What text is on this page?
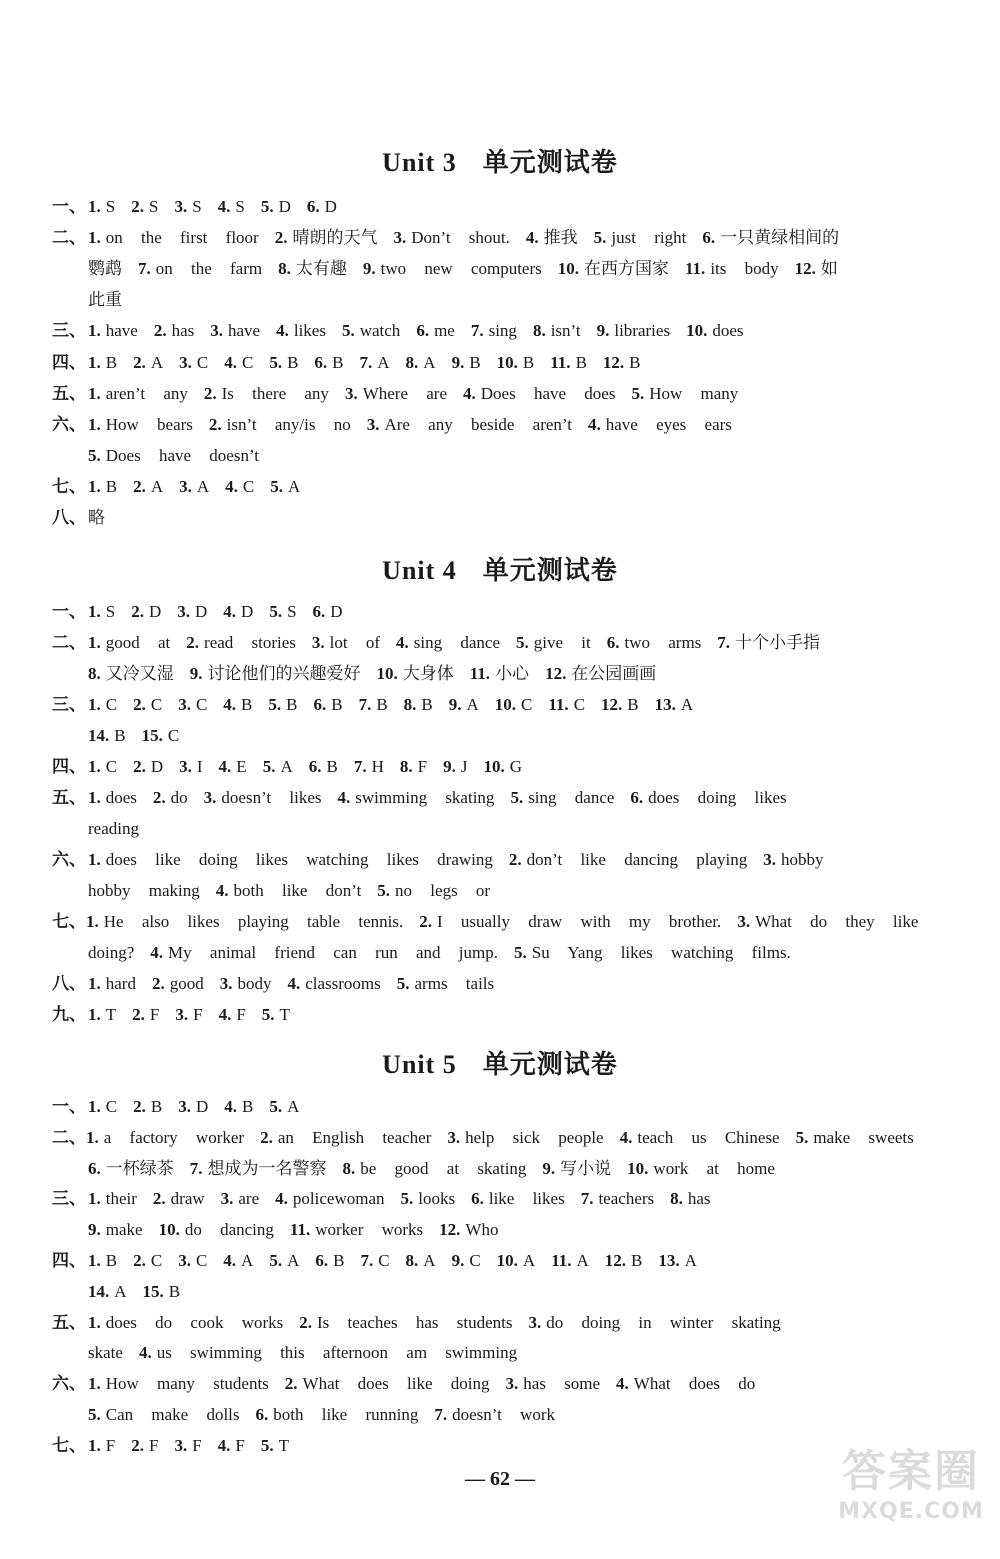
Unit 3 单元测试卷
一、 1. S 2. S 3. S 4. S 5. D 6. D
二、 1. on the first floor 2. 晴朗的天气 3. Don’t shout. 4. 推我 5. just right 6. 一只黄绿相间的
鹦鹉 7. on the farm 8. 太有趣 9. two new computers 10. 在西方国家 11. its body 12. 如
此重
三、 1. have 2. has 3. have 4. likes 5. watch 6. me 7. sing 8. isn’t 9. libraries 10. does
四、 1. B 2. A 3. C 4. C 5. B 6. B 7. A 8. A 9. B 10. B 11. B 12. B
五、 1. aren’t any 2. Is there any 3. Where are 4. Does have does 5. How many
六、 1. How bears 2. isn’t any/is no 3. Are any beside aren’t 4. have eyes ears
5. Does have doesn’t
七、 1. B 2. A 3. A 4. C 5. A
八、 略
Unit 4 单元测试卷
一、 1. S 2. D 3. D 4. D 5. S 6. D
二、 1. good at 2. read stories 3. lot of 4. sing dance 5. give it 6. two arms 7. 十个小手指
8. 又冷又湿 9. 讨论他们的兴趣爱好 10. 大身体 11. 小心 12. 在公园画画
三、 1. C 2. C 3. C 4. B 5. B 6. B 7. B 8. B 9. A 10. C 11. C 12. B 13. A
14. B 15. C
四、 1. C 2. D 3. I 4. E 5. A 6. B 7. H 8. F 9. J 10. G
五、 1. does 2. do 3. doesn’t likes 4. swimming skating 5. sing dance 6. does doing likes
reading
六、 1. does like doing likes watching likes drawing 2. don’t like dancing playing 3. hobby
hobby making 4. both like don’t 5. no legs or
七、 1. He also likes playing table tennis. 2. I usually draw with my brother. 3. What do they like
doing? 4. My animal friend can run and jump. 5. Su Yang likes watching films.
八、 1. hard 2. good 3. body 4. classrooms 5. arms tails
九、 1. T 2. F 3. F 4. F 5. T
Unit 5 单元测试卷
一、 1. C 2. B 3. D 4. B 5. A
二、 1. a factory worker 2. an English teacher 3. help sick people 4. teach us Chinese 5. make sweets
6. 一杯绿茶 7. 想成为一名警察 8. be good at skating 9. 写小说 10. work at home
三、 1. their 2. draw 3. are 4. policewoman 5. looks 6. like likes 7. teachers 8. has
9. make 10. do dancing 11. worker works 12. Who
四、 1. B 2. C 3. C 4. A 5. A 6. B 7. C 8. A 9. C 10. A 11. A 12. B 13. A
14. A 15. B
五、 1. does do cook works 2. Is teaches has students 3. do doing in winter skating
skate 4. us swimming this afternoon am swimming
六、 1. How many students 2. What does like doing 3. has some 4. What does do
5. Can make dolls 6. both like running 7. doesn’t work
七、 1. F 2. F 3. F 4. F 5. T
— 62 —	答案圈
MXQE.COM
